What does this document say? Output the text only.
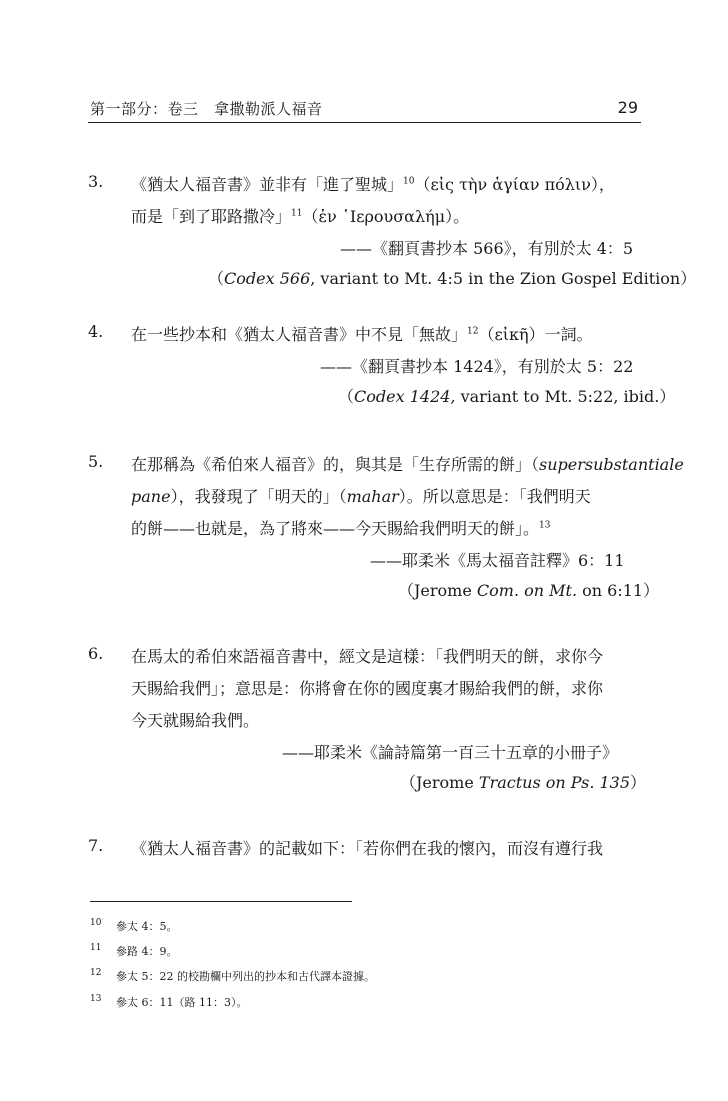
第一部分：卷三　拿撒勒派人福音	29
3. 《猶太人福音書》並非有「進了聖城」$^{10}$（εἰς τὴν ἁγίαν πόλιν），
而是「到了耶路撒冷」$^{11}$（ἐν ῾Ιερουσαλήμ）。
——《翻頁書抄本 566》，有別於太 4：5
（Codex 566, variant to Mt. 4:5 in the Zion Gospel Edition）
4. 在一些抄本和《猶太人福音書》中不見「無故」$^{12}$（εἰκῆ）一詞。
——《翻頁書抄本 1424》，有別於太 5：22
（Codex 1424, variant to Mt. 5:22, ibid.）
5. 在那稱為《希伯來人福音》的，與其是「生存所需的餅」（supersubstantiale
pane），我發現了「明天的」（mahar）。所以意思是：「我們明天
的餅——也就是，為了將來——今天賜給我們明天的餅」。$^{13}$
——耶柔米《馬太福音註釋》6：11
（Jerome Com. on Mt. on 6:11）
6. 在馬太的希伯來語福音書中，經文是這樣：「我們明天的餅，求你今
天賜給我們」；意思是：你將會在你的國度裏才賜給我們的餅，求你
今天就賜給我們。
——耶柔米《論詩篇第一百三十五章的小冊子》
（Jerome Tractus on Ps. 135）
7. 《猶太人福音書》的記載如下：「若你們在我的懷內，而沒有遵行我
10 參太 4：5。
11 參路 4：9。
12 參太 5：22 的校勘欄中列出的抄本和古代譯本證據。
13 參太 6：11（路 11：3）。
